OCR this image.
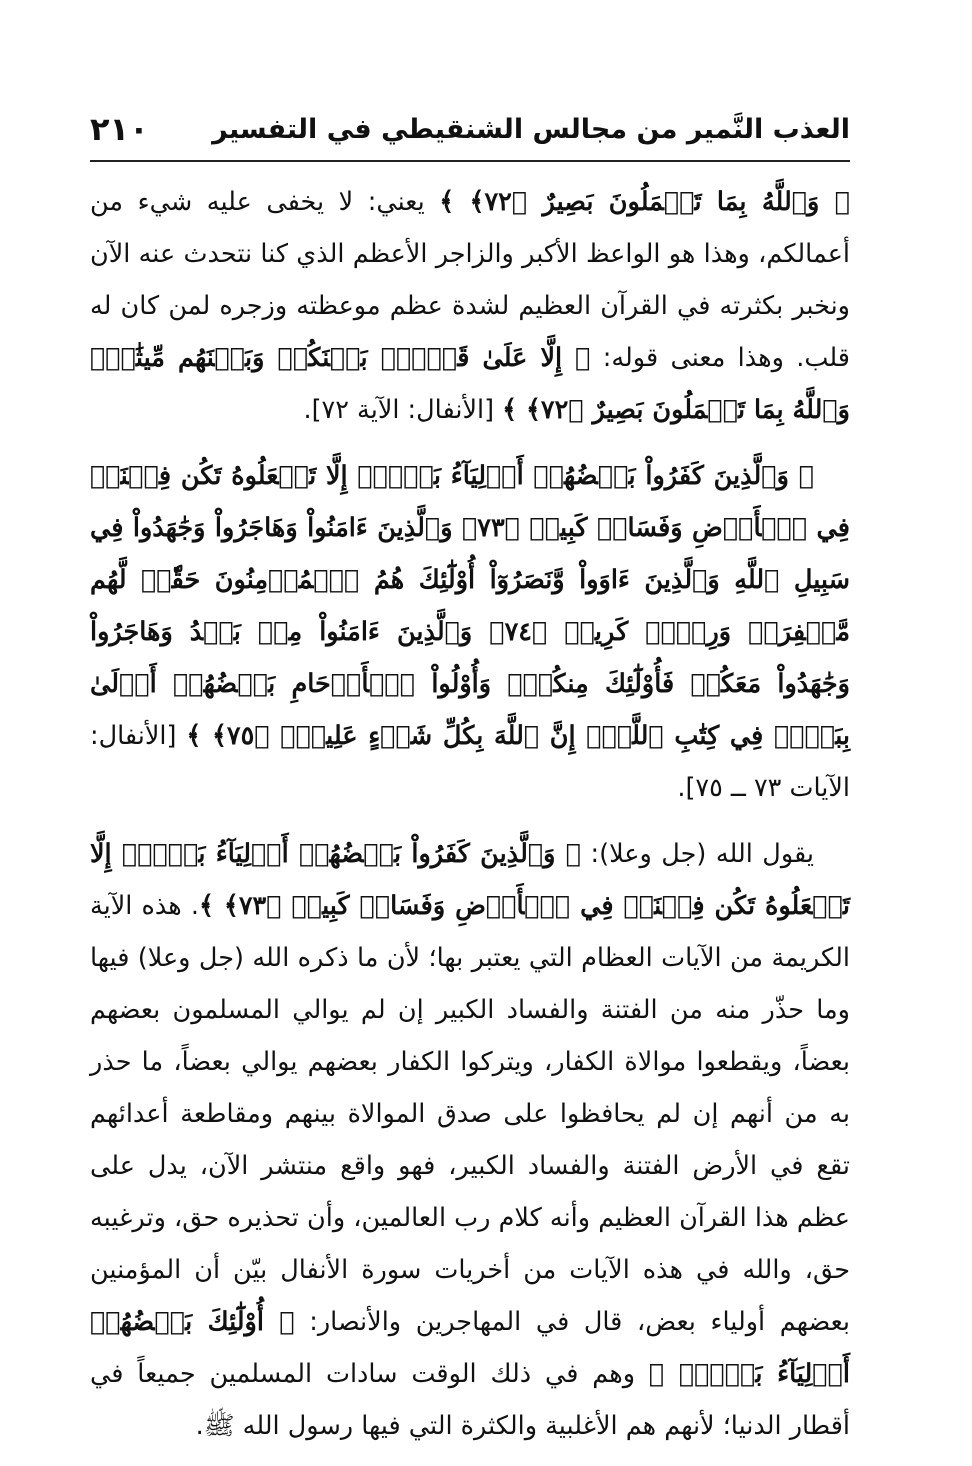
العذب النَّمير من مجالس الشنقيطي في التفسير
٢١٠

﴿ وَٱللَّهُ بِمَا تَعۡمَلُونَ بَصِيرٌ ﴿٧٢﴾ ﴾ يعني: لا يخفى عليه شيء من أعمالكم، وهذا هو الواعظ الأكبر والزاجر الأعظم الذي كنا نتحدث عنه الآن ونخبر بكثرته في القرآن العظيم لشدة عظم موعظته وزجره لمن كان له قلب. وهذا معنى قوله: ﴿ إِلَّا عَلَىٰ قَوۡمِۭ بَيۡنَكُمۡ وَبَيۡنَهُم مِّيثَٰقٌۗ وَٱللَّهُ بِمَا تَعۡمَلُونَ بَصِيرٌ ﴿٧٢﴾ ﴾ [الأنفال: الآية ٧٢].

﴿ وَٱلَّذِينَ كَفَرُواْ بَعۡضُهُمۡ أَوۡلِيَآءُ بَعۡضٍۚ إِلَّا تَفۡعَلُوهُ تَكُن فِتۡنَةٞ فِي ٱلۡأَرۡضِ وَفَسَادٞ كَبِيرٞ ﴿٧٣﴾ وَٱلَّذِينَ ءَامَنُواْ وَهَاجَرُواْ وَجَٰهَدُواْ فِي سَبِيلِ ٱللَّهِ وَٱلَّذِينَ ءَاوَواْ وَّنَصَرُوٓاْ أُوْلَٰٓئِكَ هُمُ ٱلۡمُؤۡمِنُونَ حَقّٗاۚ لَّهُم مَّغۡفِرَةٞ وَرِزۡقٞ كَرِيمٞ ﴿٧٤﴾ وَٱلَّذِينَ ءَامَنُواْ مِنۢ بَعۡدُ وَهَاجَرُواْ وَجَٰهَدُواْ مَعَكُمۡ فَأُوْلَٰٓئِكَ مِنكُمۡۚ وَأُوْلُواْ ٱلۡأَرۡحَامِ بَعۡضُهُمۡ أَوۡلَىٰ بِبَعۡضٖ فِي كِتَٰبِ ٱللَّهِۚ إِنَّ ٱللَّهَ بِكُلِّ شَيۡءٍ عَلِيمُۢ ﴿٧٥﴾ ﴾ [الأنفال: الآيات ٧٣ ــ ٧٥].

يقول الله (جل وعلا): ﴿ وَٱلَّذِينَ كَفَرُواْ بَعۡضُهُمۡ أَوۡلِيَآءُ بَعۡضٍۚ إِلَّا تَفۡعَلُوهُ تَكُن فِتۡنَةٞ فِي ٱلۡأَرۡضِ وَفَسَادٞ كَبِيرٞ ﴿٧٣﴾ ﴾. هذه الآية الكريمة من الآيات العظام التي يعتبر بها؛ لأن ما ذكره الله (جل وعلا) فيها وما حذّر منه من الفتنة والفساد الكبير إن لم يوالي المسلمون بعضهم بعضاً، ويقطعوا موالاة الكفار، ويتركوا الكفار بعضهم يوالي بعضاً، ما حذر به من أنهم إن لم يحافظوا على صدق الموالاة بينهم ومقاطعة أعدائهم تقع في الأرض الفتنة والفساد الكبير، فهو واقع منتشر الآن، يدل على عظم هذا القرآن العظيم وأنه كلام رب العالمين، وأن تحذيره حق، وترغيبه حق، والله في هذه الآيات من أخريات سورة الأنفال بيّن أن المؤمنين بعضهم أولياء بعض، قال في المهاجرين والأنصار: ﴿ أُوْلَٰٓئِكَ بَعۡضُهُمۡ أَوۡلِيَآءُ بَعۡضٖۚ ﴾ وهم في ذلك الوقت سادات المسلمين جميعاً في أقطار الدنيا؛ لأنهم هم الأغلبية والكثرة التي فيها رسول الله ﷺ.
